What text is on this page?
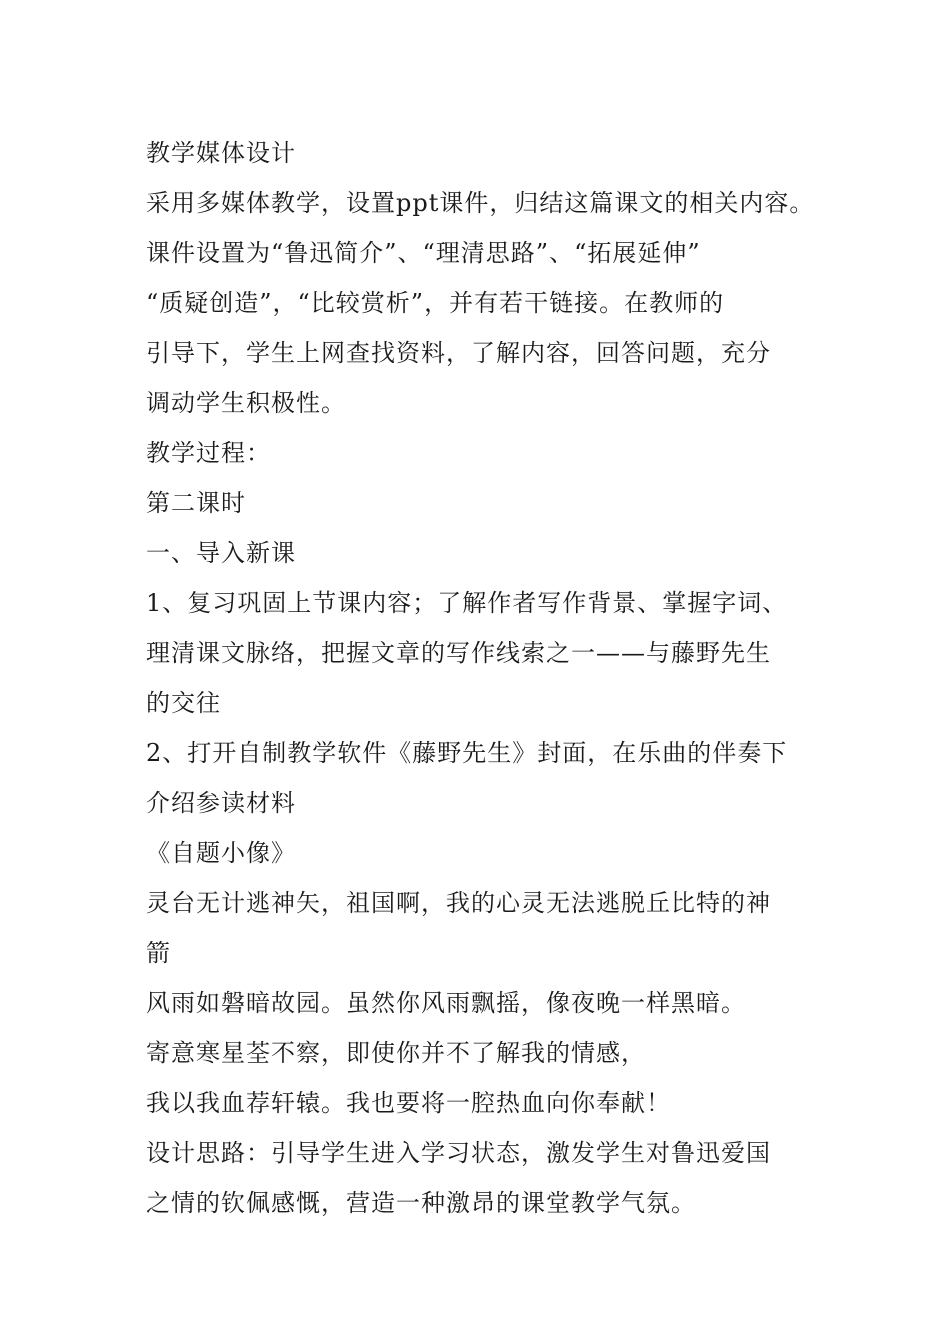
教学媒体设计
采用多媒体教学，设置ppt课件，归结这篇课文的相关内容。
课件设置为“鲁迅简介”、“理清思路”、“拓展延伸”
“质疑创造”，“比较赏析”，并有若干链接。在教师的
引导下，学生上网查找资料，了解内容，回答问题，充分
调动学生积极性。
教学过程：
第二课时
一、导入新课
1、复习巩固上节课内容；了解作者写作背景、掌握字词、
理清课文脉络，把握文章的写作线索之一——与藤野先生
的交往
2、打开自制教学软件《藤野先生》封面，在乐曲的伴奏下
介绍参读材料
《自题小像》
灵台无计逃神矢，祖国啊，我的心灵无法逃脱丘比特的神
箭
风雨如磐暗故园。虽然你风雨飘摇，像夜晚一样黑暗。
寄意寒星荃不察，即使你并不了解我的情感，
我以我血荐轩辕。我也要将一腔热血向你奉献！
设计思路：引导学生进入学习状态，激发学生对鲁迅爱国
之情的钦佩感慨，营造一种激昂的课堂教学气氛。
